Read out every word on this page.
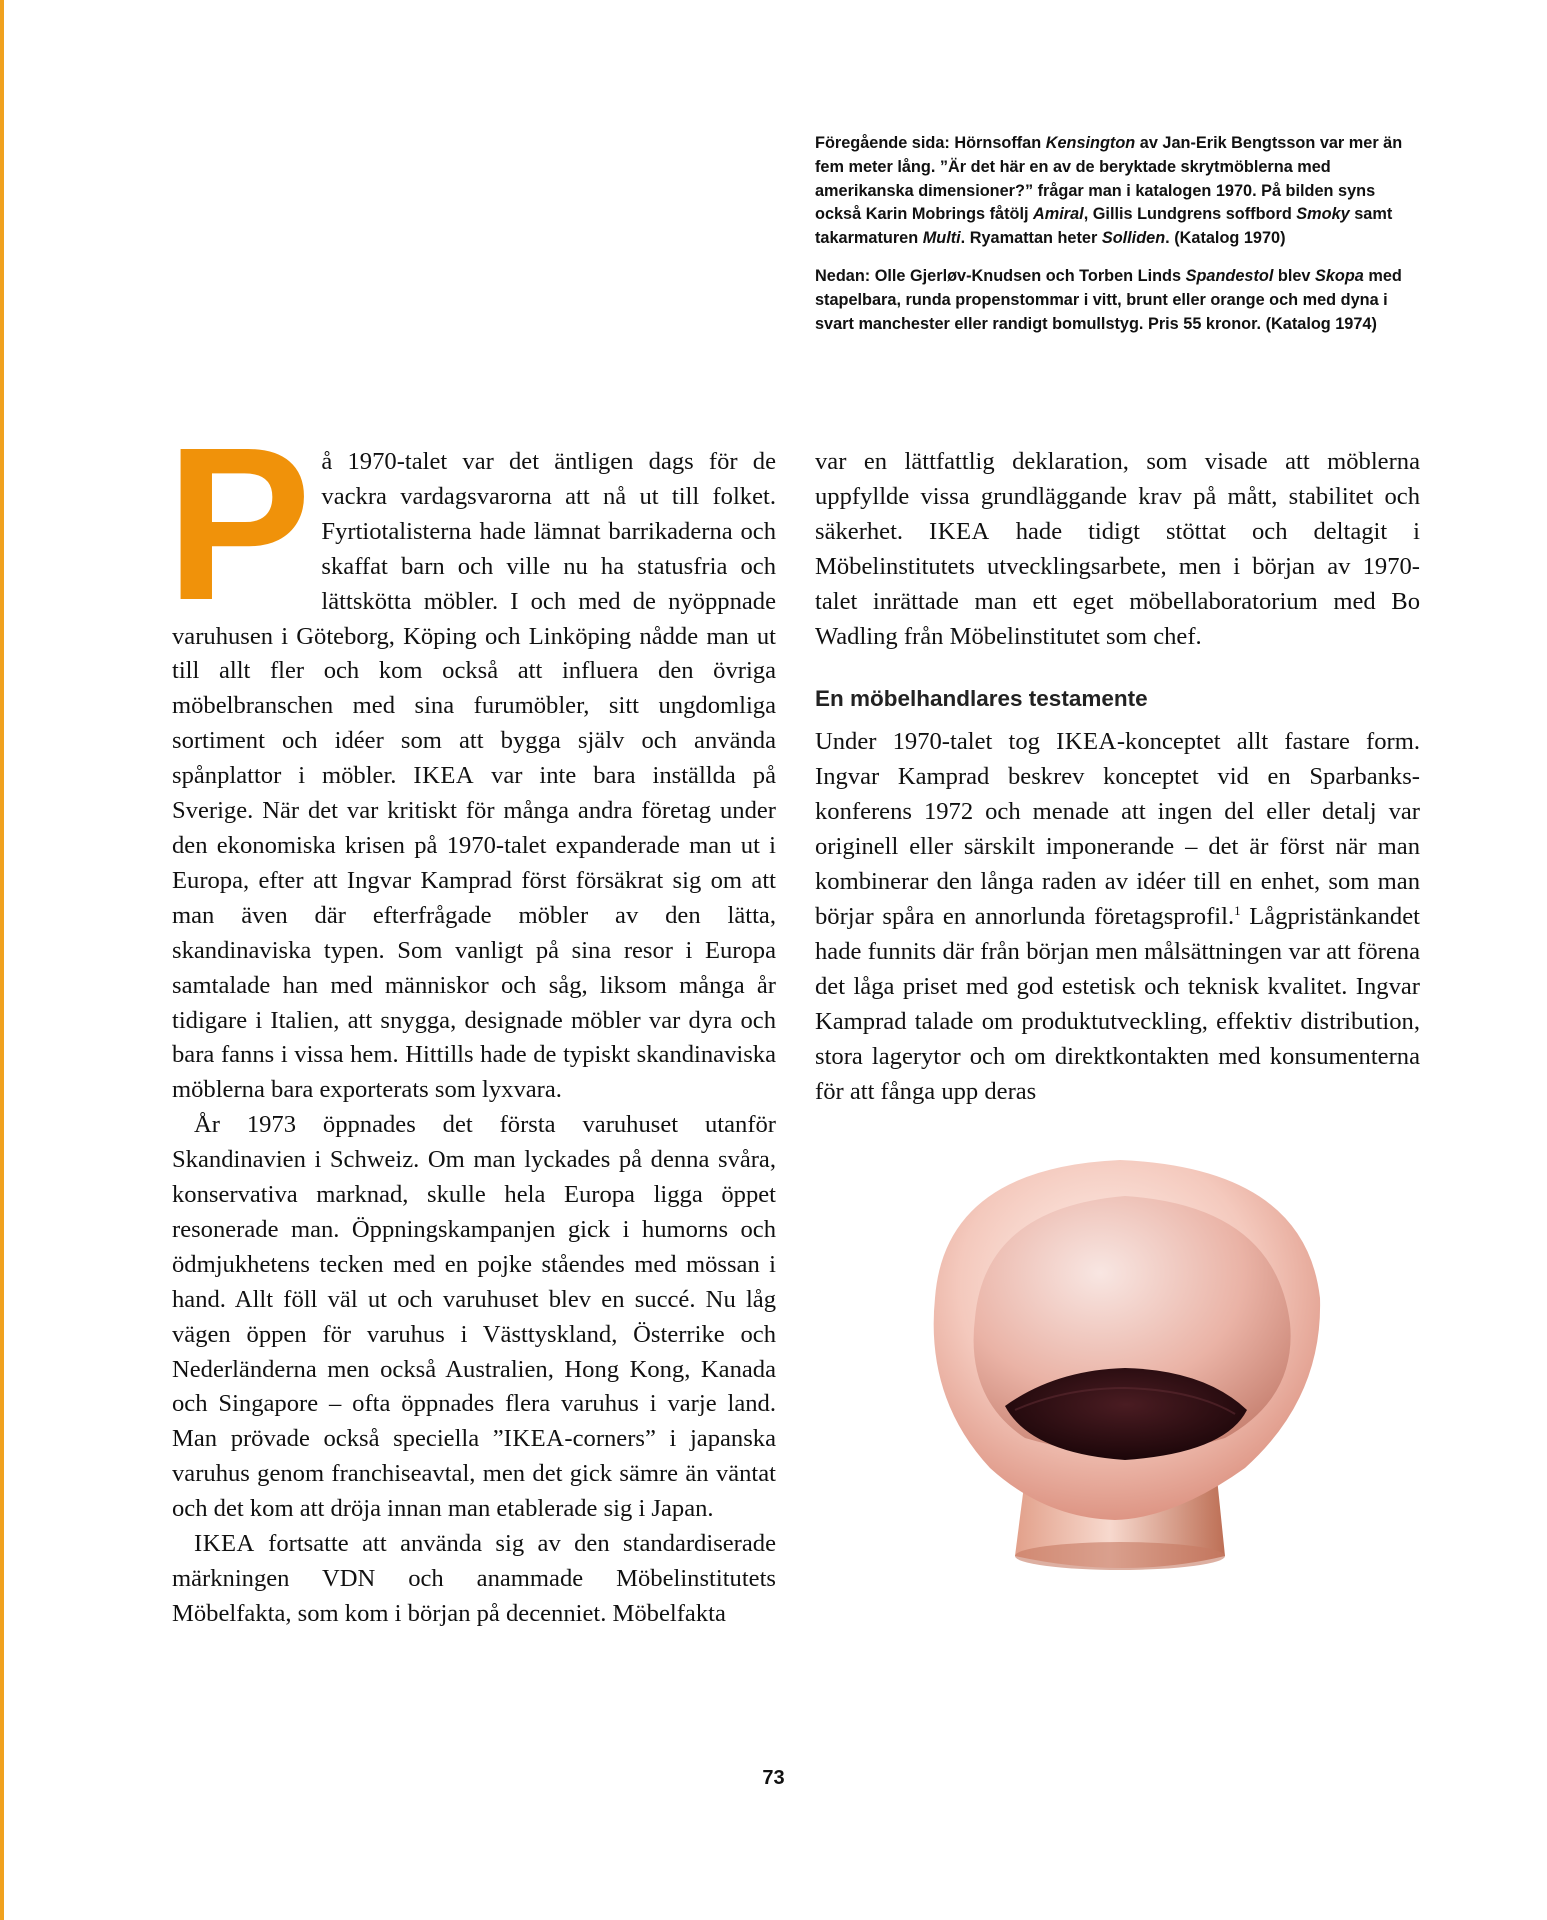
Föregående sida: Hörnsoffan Kensington av Jan-Erik Bengtsson var mer än fem meter lång. ”Är det här en av de beryktade skrytmöblerna med amerikanska dimensioner?” frågar man i katalogen 1970. På bilden syns också Karin Mobrings fåtölj Amiral, Gillis Lundgrens soffbord Smoky samt takarmaturen Multi. Ryamattan heter Solliden. (Katalog 1970)

Nedan: Olle Gjerløv-Knudsen och Torben Linds Spandestol blev Skopa med stapelbara, runda propenstommar i vitt, brunt eller orange och med dyna i svart manchester eller randigt bomullstyg. Pris 55 kronor. (Katalog 1974)

På 1970-talet var det äntligen dags för de vackra vardagsvarorna att nå ut till folket. Fyrtiotalisterna hade lämnat barrikaderna och skaffat barn och ville nu ha statusfria och lättskötta möbler. I och med de nyöppnade varuhusen i Göteborg, Köping och Linköping nådde man ut till allt fler och kom också att influera den övriga möbelbranschen med sina furumöbler, sitt ungdomliga sortiment och idéer som att bygga själv och använda spånplattor i möbler. IKEA var inte bara inställda på Sverige. När det var kritiskt för många andra företag under den ekonomiska krisen på 1970-talet expanderade man ut i Europa, efter att Ingvar Kamprad först försäkrat sig om att man även där efterfrågade möbler av den lätta, skandinaviska typen. Som vanligt på sina resor i Europa samtalade han med människor och såg, liksom många år tidigare i Italien, att snygga, designade möbler var dyra och bara fanns i vissa hem. Hittills hade de typiskt skandinaviska möblerna bara exporterats som lyxvara.

År 1973 öppnades det första varuhuset utanför Skandinavien i Schweiz. Om man lyckades på denna svåra, konservativa marknad, skulle hela Europa ligga öppet resonerade man. Öppningskampanjen gick i humorns och ödmjukhetens tecken med en pojke ståendes med mössan i hand. Allt föll väl ut och varuhuset blev en succé. Nu låg vägen öppen för varuhus i Västtyskland, Österrike och Nederländerna men också Australien, Hong Kong, Kanada och Singapore – ofta öppnades flera varuhus i varje land. Man prövade också speciella ”IKEA-corners” i japanska varuhus genom franchiseavtal, men det gick sämre än väntat och det kom att dröja innan man etablerade sig i Japan.

IKEA fortsatte att använda sig av den standardiserade märkningen VDN och anammade Möbelinstitutets Möbelfakta, som kom i början på decenniet. Möbelfakta

var en lättfattlig deklaration, som visade att möblerna uppfyllde vissa grundläggande krav på mått, stabilitet och säkerhet. IKEA hade tidigt stöttat och deltagit i Möbelinstitutets utvecklingsarbete, men i början av 1970-talet inrättade man ett eget möbellaboratorium med Bo Wadling från Möbelinstitutet som chef.

En möbelhandlares testamente

Under 1970-talet tog IKEA-konceptet allt fastare form. Ingvar Kamprad beskrev konceptet vid en Sparbanks-konferens 1972 och menade att ingen del eller detalj var originell eller särskilt imponerande – det är först när man kombinerar den långa raden av idéer till en enhet, som man börjar spåra en annorlunda företagsprofil.$^1$ Lågpristänkandet hade funnits där från början men målsättningen var att förena det låga priset med god estetisk och teknisk kvalitet. Ingvar Kamprad talade om produktutveckling, effektiv distribution, stora lagerytor och om direktkontakten med konsumenterna för att fånga upp deras

73
